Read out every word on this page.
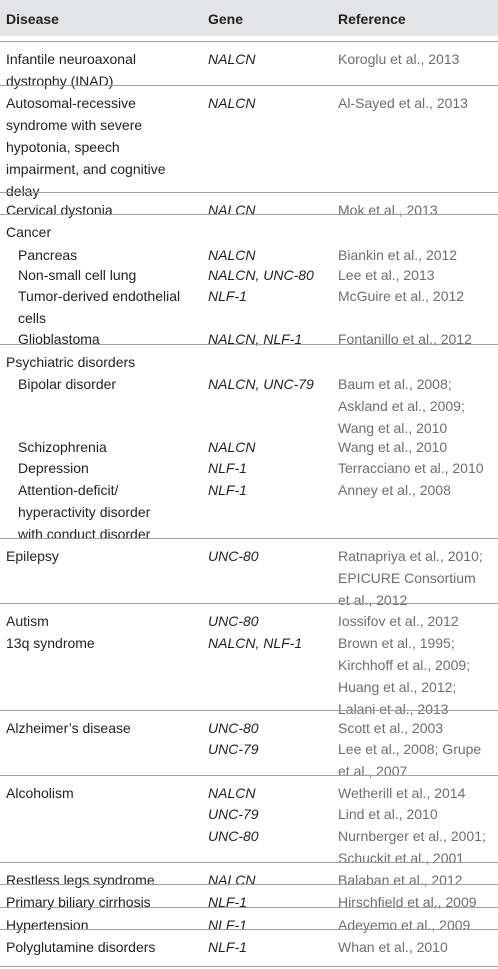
Disease	Gene	Reference
Infantile neuroaxonal
dystrophy (INAD)
NALCN	Koroglu et al., 2013
Autosomal-recessive
syndrome with severe
hypotonia, speech
impairment, and cognitive
delay
NALCN	Al-Sayed et al., 2013
Cervical dystonia	NALCN	Mok et al., 2013
Cancer
Pancreas	NALCN	Biankin et al., 2012
Non-small cell lung	NALCN, UNC-80	Lee et al., 2013
Tumor-derived endothelial
cells
NLF-1	McGuire et al., 2012
Glioblastoma	NALCN, NLF-1	Fontanillo et al., 2012
Psychiatric disorders
Bipolar disorder	NALCN, UNC-79	Baum et al., 2008;
Askland et al., 2009;
Wang et al., 2010
Schizophrenia	NALCN	Wang et al., 2010
Depression	NLF-1	Terracciano et al., 2010
Attention-deficit/
hyperactivity disorder
with conduct disorder
NLF-1	Anney et al., 2008
Epilepsy	UNC-80	Ratnapriya et al., 2010;
EPICURE Consortium
et al., 2012
Autism	UNC-80	Iossifov et al., 2012
13q syndrome	NALCN, NLF-1	Brown et al., 1995;
Kirchhoff et al., 2009;
Huang et al., 2012;
Lalani et al., 2013
Alzheimer’s disease	UNC-80	Scott et al., 2003
UNC-79	Lee et al., 2008; Grupe
et al., 2007
Alcoholism	NALCN	Wetherill et al., 2014
UNC-79	Lind et al., 2010
UNC-80	Nurnberger et al., 2001;
Schuckit et al., 2001
Restless legs syndrome	NALCN	Balaban et al., 2012
Primary biliary cirrhosis	NLF-1	Hirschfield et al., 2009
Hypertension	NLF-1	Adeyemo et al., 2009
Polyglutamine disorders	NLF-1	Whan et al., 2010
